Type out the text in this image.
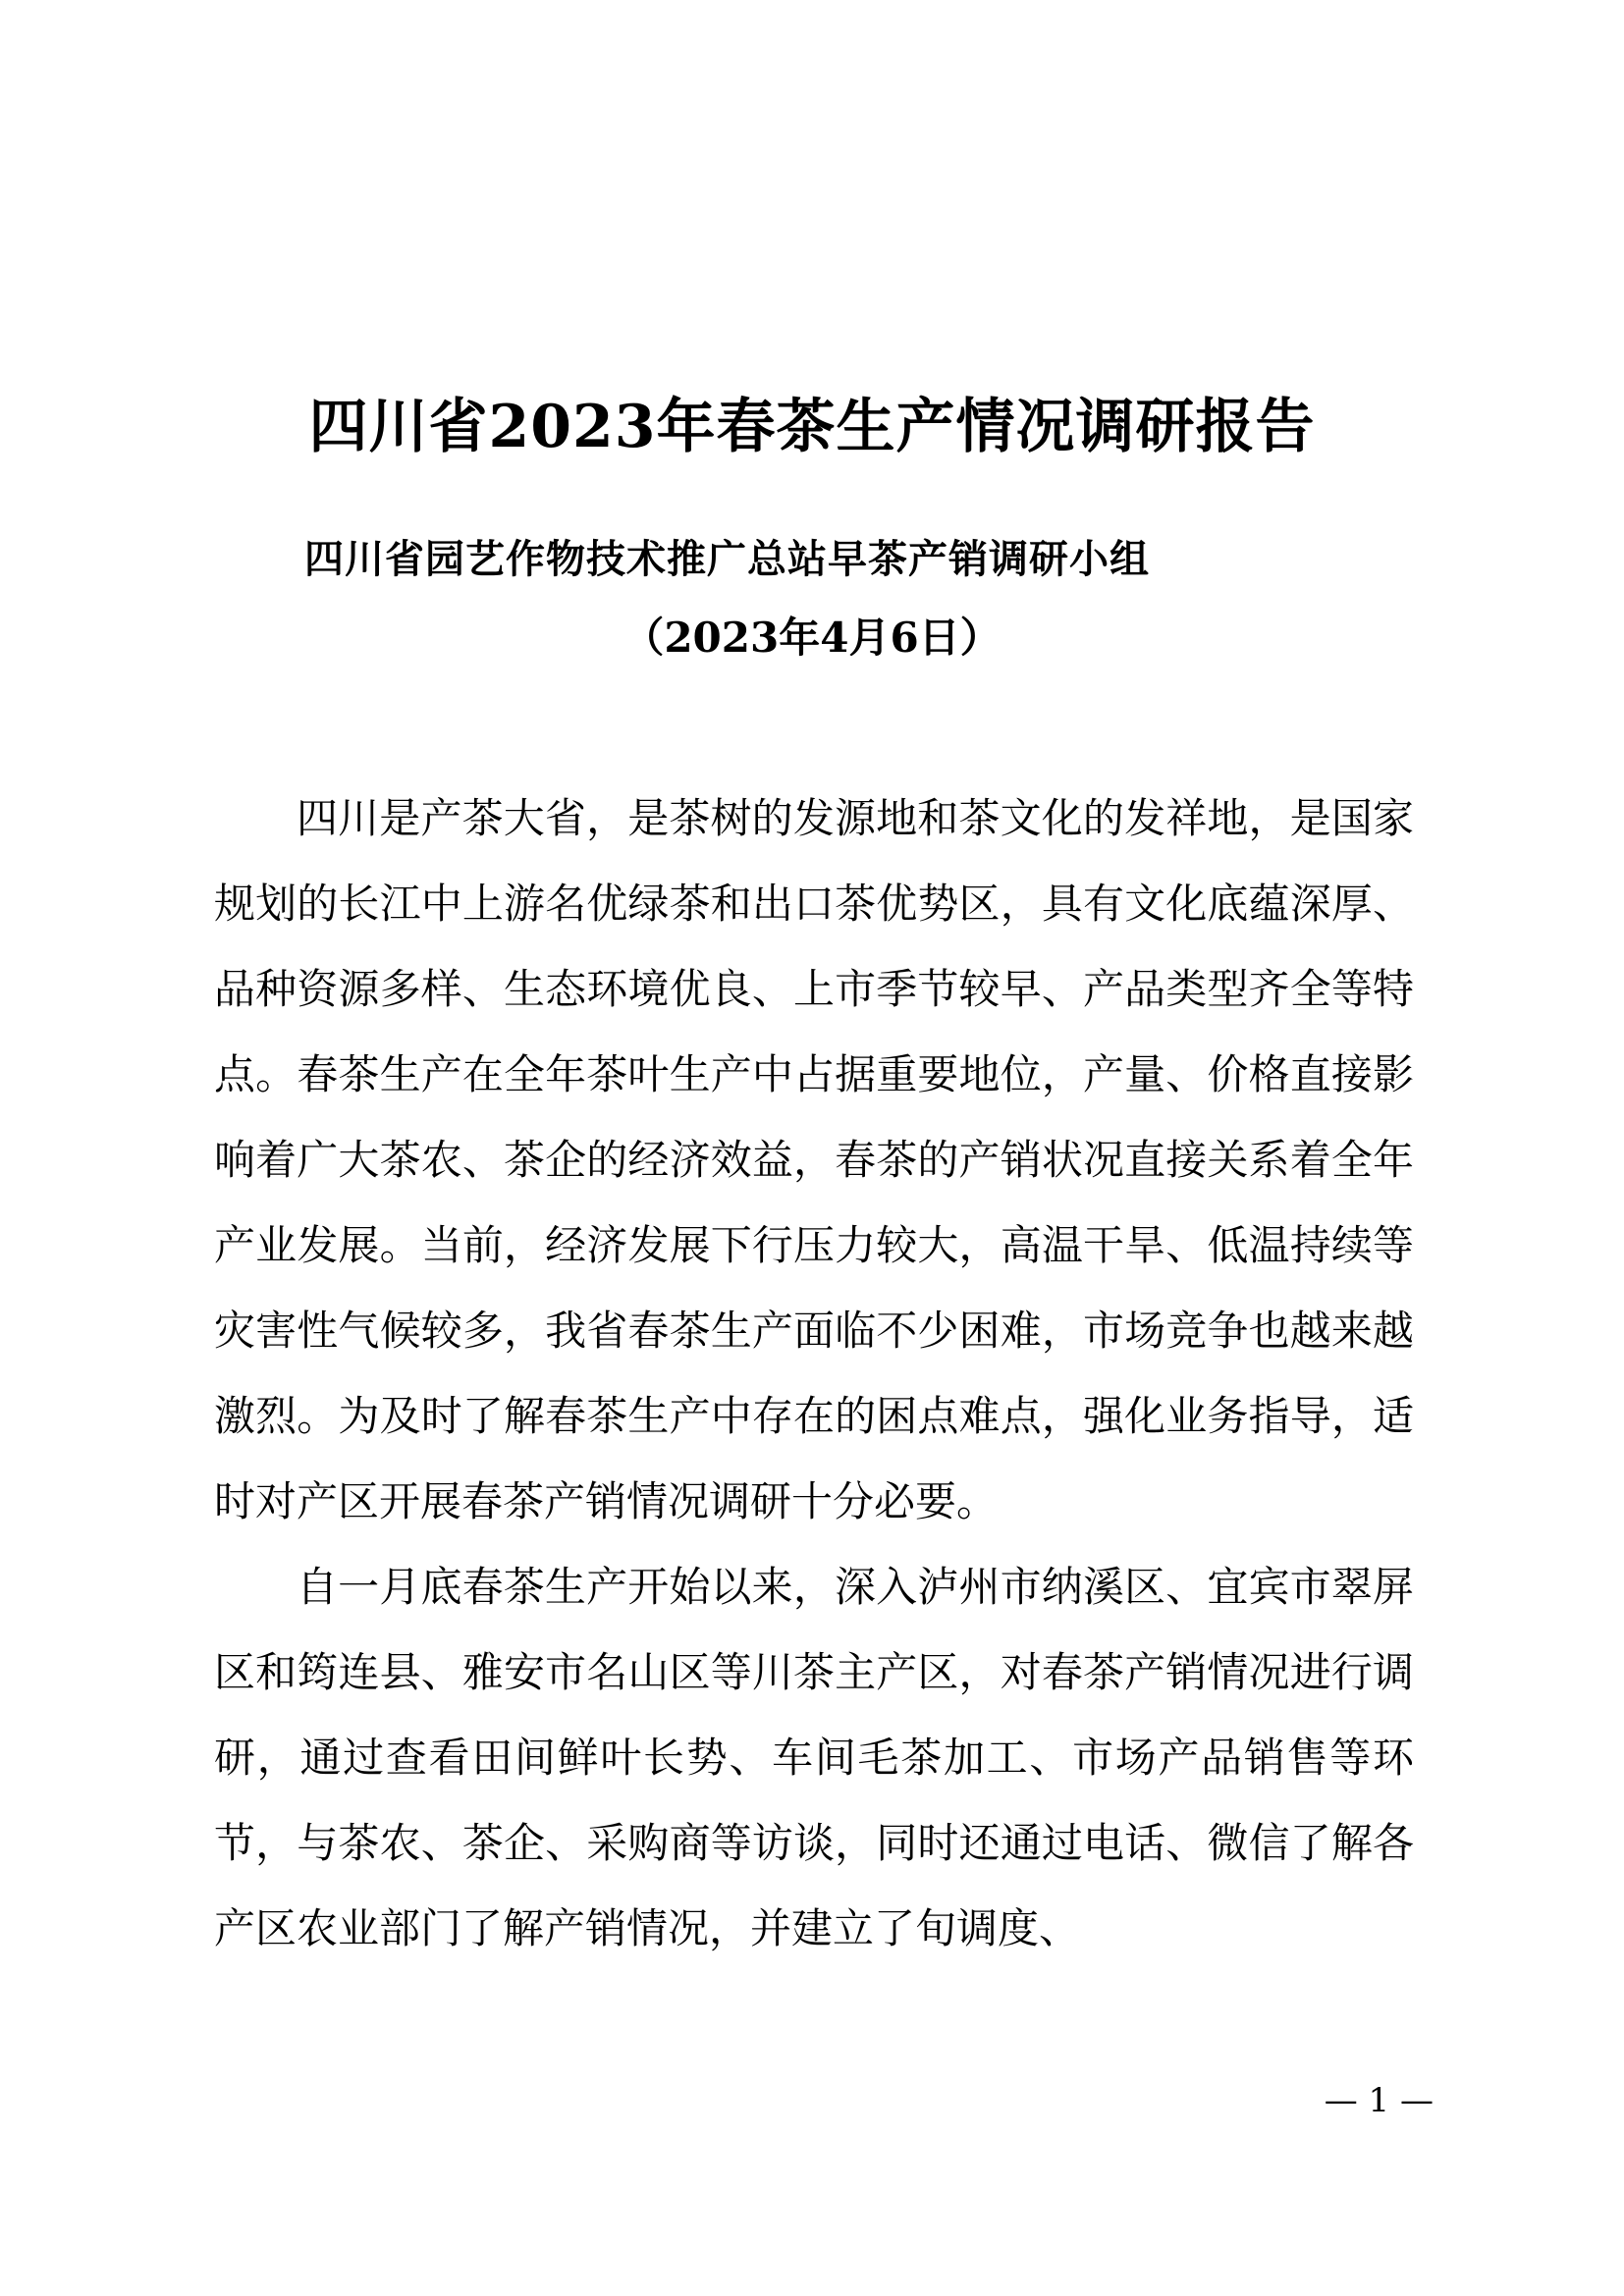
四川省2023年春茶生产情况调研报告
四川省园艺作物技术推广总站早茶产销调研小组
（2023年4月6日）

四川是产茶大省，是茶树的发源地和茶文化的发祥地，是国家规划的长江中上游名优绿茶和出口茶优势区，具有文化底蕴深厚、品种资源多样、生态环境优良、上市季节较早、产品类型齐全等特点。春茶生产在全年茶叶生产中占据重要地位，产量、价格直接影响着广大茶农、茶企的经济效益，春茶的产销状况直接关系着全年产业发展。当前，经济发展下行压力较大，高温干旱、低温持续等灾害性气候较多，我省春茶生产面临不少困难，市场竞争也越来越激烈。为及时了解春茶生产中存在的困点难点，强化业务指导，适时对产区开展春茶产销情况调研十分必要。

自一月底春茶生产开始以来，深入泸州市纳溪区、宜宾市翠屏区和筠连县、雅安市名山区等川茶主产区，对春茶产销情况进行调研，通过查看田间鲜叶长势、车间毛茶加工、市场产品销售等环节，与茶农、茶企、采购商等访谈，同时还通过电话、微信了解各产区农业部门了解产销情况，并建立了旬调度、

— 1 —
